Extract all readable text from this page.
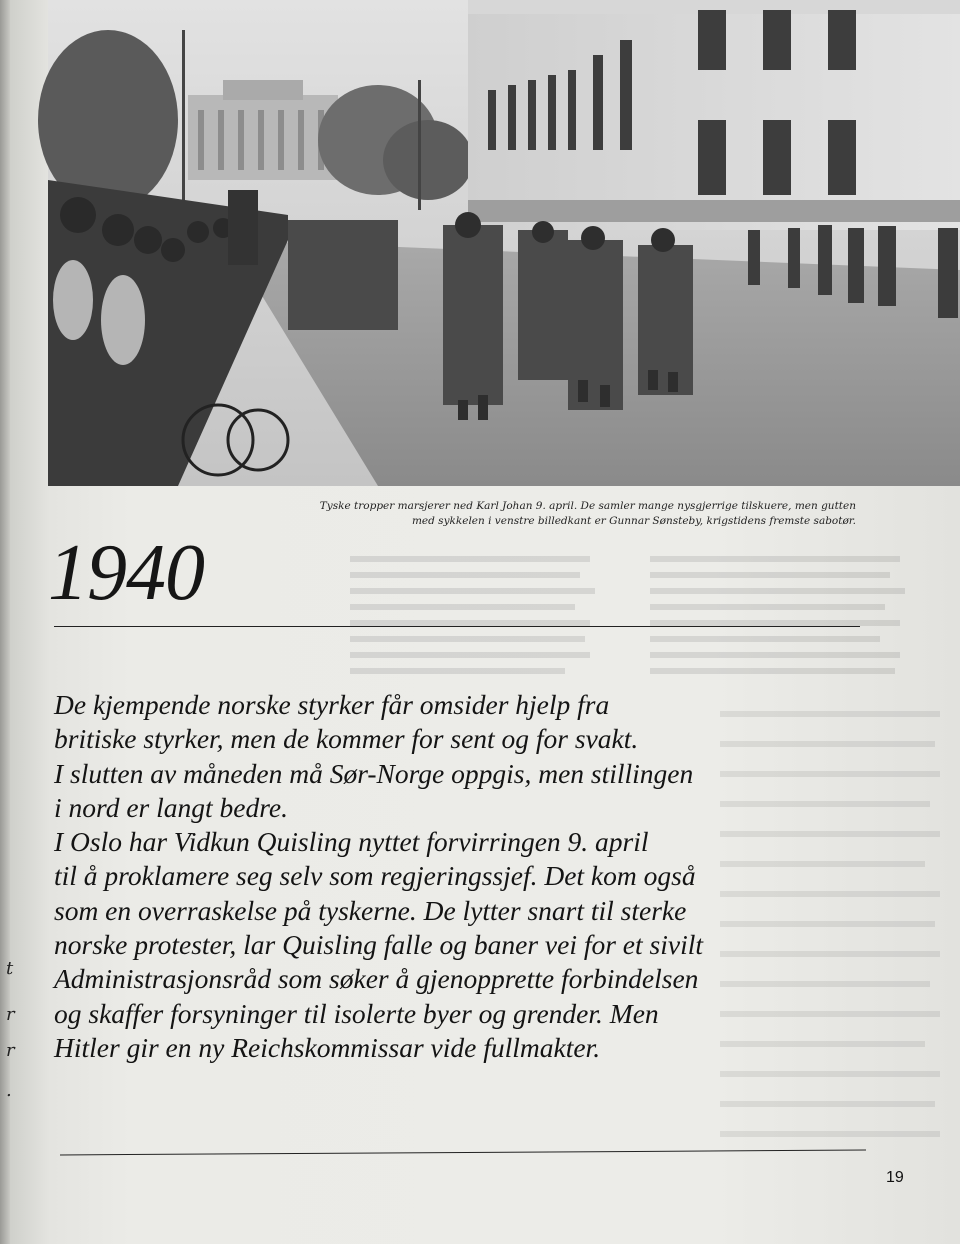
t
r
r
.
Tyske tropper marsjerer ned Karl Johan 9. april. De samler mange nysgjerrige tilskuere, men gutten
med sykkelen i venstre billedkant er Gunnar Sønsteby, krigstidens fremste sabotør.

1940
De kjempende norske styrker får omsider hjelp fra
britiske styrker, men de kommer for sent og for svakt.
I slutten av måneden må Sør-Norge oppgis, men stillingen
i nord er langt bedre.
I Oslo har Vidkun Quisling nyttet forvirringen 9. april
til å proklamere seg selv som regjeringssjef. Det kom også
som en overraskelse på tyskerne. De lytter snart til sterke
norske protester, lar Quisling falle og baner vei for et sivilt
Administrasjonsråd som søker å gjenopprette forbindelsen
og skaffer forsyninger til isolerte byer og grender. Men
Hitler gir en ny Reichskommissar vide fullmakter.
19
